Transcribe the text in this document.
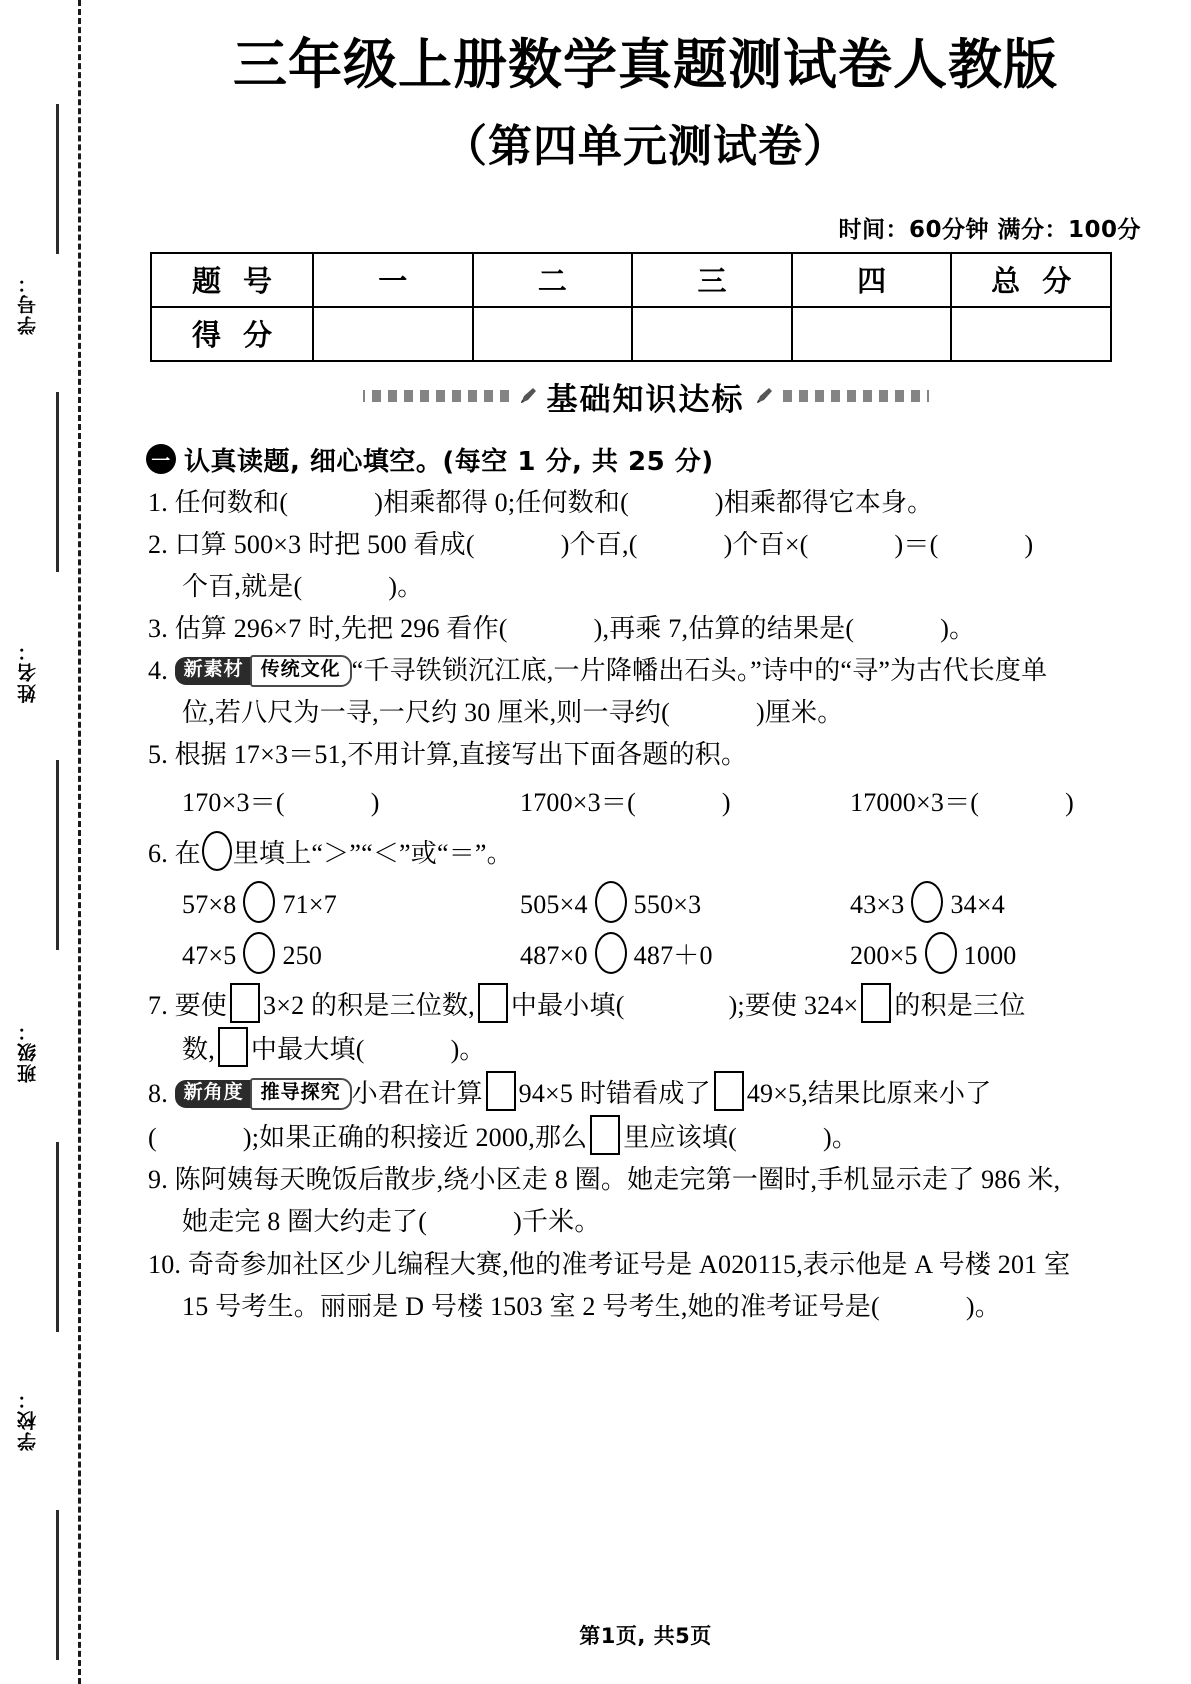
学号：
姓名：
班级：
学校：
三年级上册数学真题测试卷人教版
（第四单元测试卷）
时间：60分钟 满分：100分
题 号	一	二	三	四	总 分
得 分					
基础知识达标
一 认真读题, 细心填空。(每空 1 分, 共 25 分)
1. 任何数和(	)相乘都得 0;任何数和(	)相乘都得它本身。
2. 口算 500×3 时把 500 看成(	)个百,(	)个百×(	)＝(	)
个百,就是(	)。
3. 估算 296×7 时,先把 296 看作(	),再乘 7,估算的结果是(	)。
4. 新素材 传统文化 “千寻铁锁沉江底,一片降幡出石头。”诗中的“寻”为古代长度单
位,若八尺为一寻,一尺约 30 厘米,则一寻约(	)厘米。
5. 根据 17×3＝51,不用计算,直接写出下面各题的积。
170×3＝(	)	1700×3＝(	)	17000×3＝(	)
6. 在 里填上“＞”“＜”或“＝”。
57×8 71×7	505×4 550×3	43×3 34×4
47×5 250	487×0 487＋0	200×5 1000
7. 要使 3×2 的积是三位数, 中最小填(	);要使 324× 的积是三位
数, 中最大填(	)。
8. 新角度 推导探究 小君在计算 94×5 时错看成了 49×5,结果比原来小了
(	);如果正确的积接近 2000,那么 里应该填(	)。
9. 陈阿姨每天晚饭后散步,绕小区走 8 圈。她走完第一圈时,手机显示走了 986 米,
她走完 8 圈大约走了(	)千米。
10. 奇奇参加社区少儿编程大赛,他的准考证号是 A020115,表示他是 A 号楼 201 室
15 号考生。丽丽是 D 号楼 1503 室 2 号考生,她的准考证号是(	)。
第1页, 共5页
